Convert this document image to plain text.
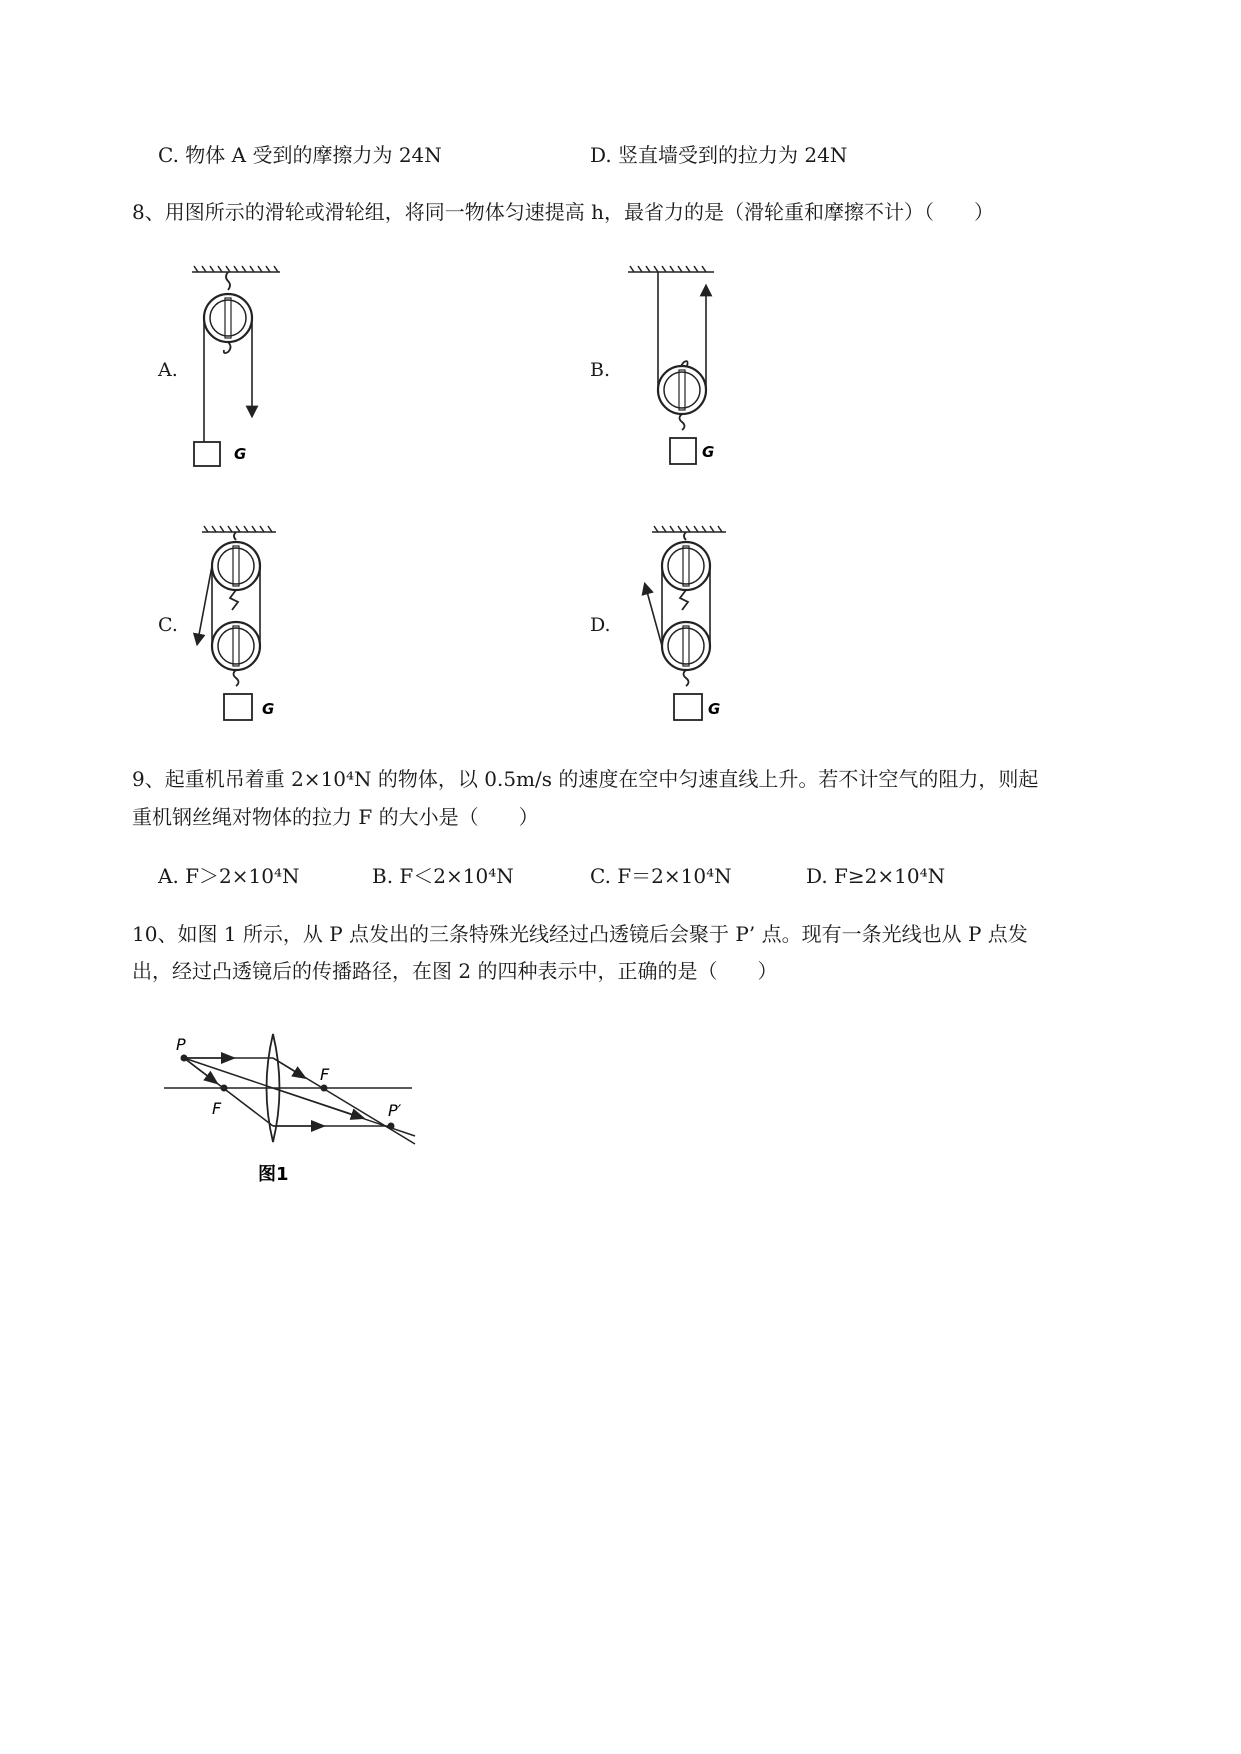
C. 物体 A 受到的摩擦力为 24N	D. 竖直墙受到的拉力为 24N
8、用图所示的滑轮或滑轮组，将同一物体匀速提高 h，最省力的是（滑轮重和摩擦不计）（　　）
A.	B.
C.	D.
G	G
G	G
9、起重机吊着重 2×10⁴N 的物体，以 0.5m/s 的速度在空中匀速直线上升。若不计空气的阻力，则起
重机钢丝绳对物体的拉力 F 的大小是（　　）
A. F＞2×10⁴N	B. F＜2×10⁴N	C. F＝2×10⁴N	D. F≥2×10⁴N
10、如图 1 所示，从 P 点发出的三条特殊光线经过凸透镜后会聚于 P’ 点。现有一条光线也从 P 点发
出，经过凸透镜后的传播路径，在图 2 的四种表示中，正确的是（　　）
P
F
F
P′
图1
